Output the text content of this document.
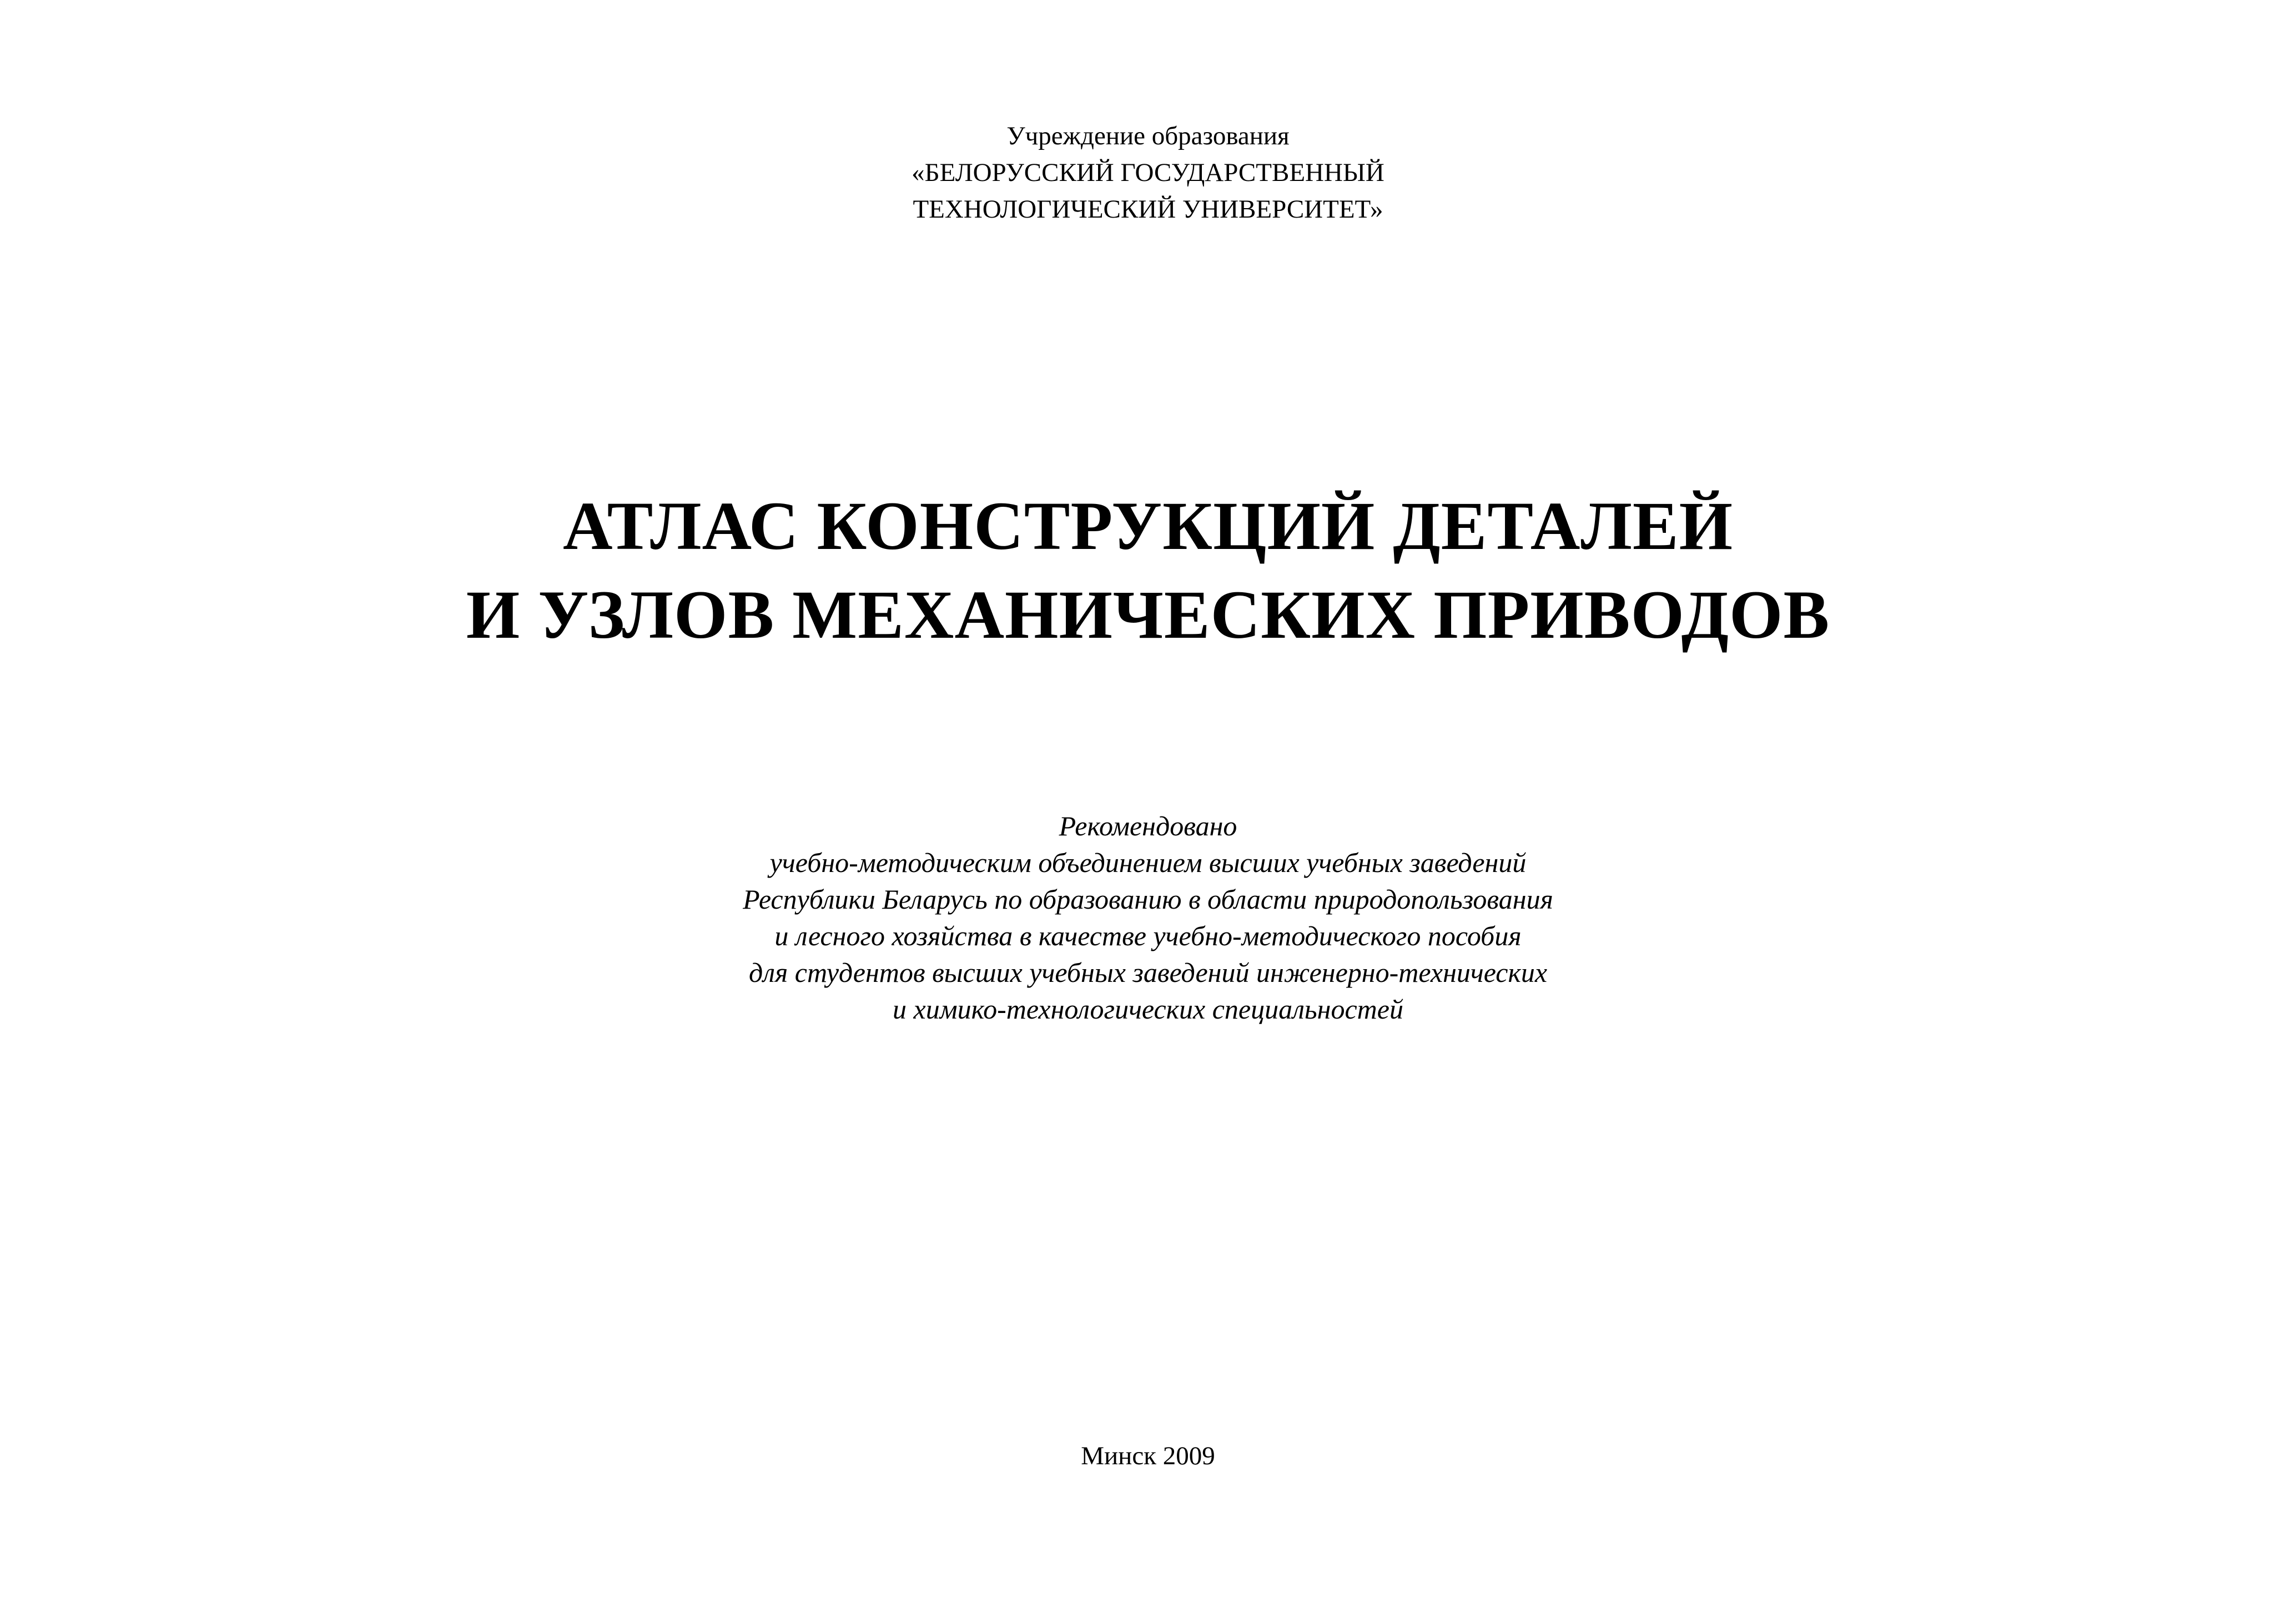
Учреждение образования
«БЕЛОРУССКИЙ ГОСУДАРСТВЕННЫЙ
ТЕХНОЛОГИЧЕСКИЙ УНИВЕРСИТЕТ»
АТЛАС КОНСТРУКЦИЙ ДЕТАЛЕЙ
И УЗЛОВ МЕХАНИЧЕСКИХ ПРИВОДОВ
Рекомендовано
учебно-методическим объединением высших учебных заведений
Республики Беларусь по образованию в области природопользования
и лесного хозяйства в качестве учебно-методического пособия
для студентов высших учебных заведений инженерно-технических
и химико-технологических специальностей
Минск 2009
